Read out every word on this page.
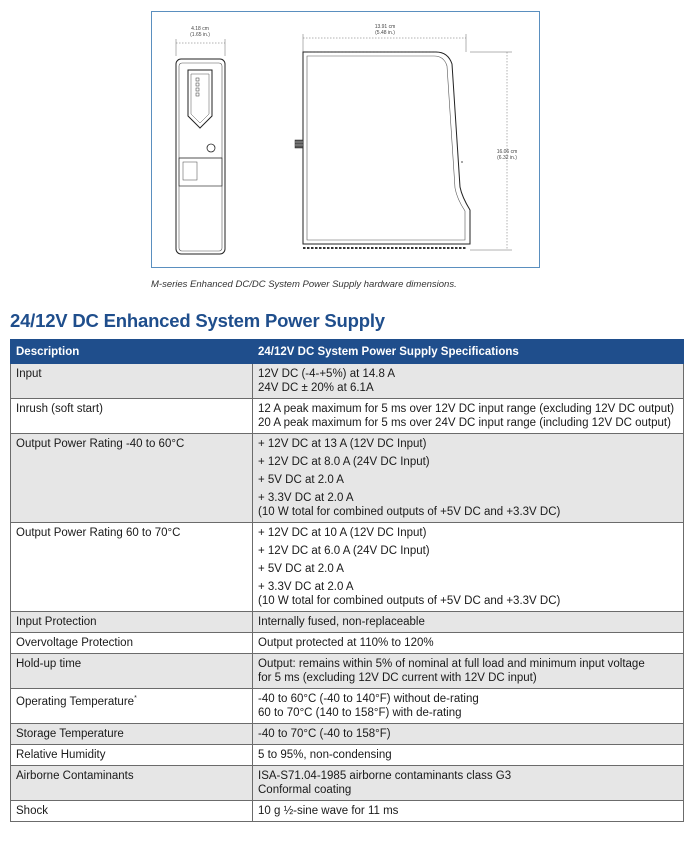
4.18 cm
(1.65 in.)
13.91 cm
(5.48 in.)
16.06 cm
(6.32 in.)
M-series Enhanced DC/DC System Power Supply hardware dimensions.
24/12V DC Enhanced System Power Supply
Description	24/12V DC System Power Supply Specifications
Input	12V DC (-4-+5%) at 14.8 A
24V DC ± 20% at 6.1A

Inrush (soft start)	12 A peak maximum for 5 ms over 12V DC input range (excluding 12V DC output)
20 A peak maximum for 5 ms over 24V DC input range (including 12V DC output)

Output Power Rating -40 to 60°C	+ 12V DC at 13 A (12V DC Input)
+ 12V DC at 8.0 A (24V DC Input)
+ 5V DC at 2.0 A
+ 3.3V DC at 2.0 A
(10 W total for combined outputs of +5V DC and +3.3V DC)

Output Power Rating 60 to 70°C	+ 12V DC at 10 A (12V DC Input)
+ 12V DC at 6.0 A (24V DC Input)
+ 5V DC at 2.0 A
+ 3.3V DC at 2.0 A
(10 W total for combined outputs of +5V DC and +3.3V DC)

Input Protection	Internally fused, non-replaceable

Overvoltage Protection	Output protected at 110% to 120%

Hold-up time	Output: remains within 5% of nominal at full load and minimum input voltage
for 5 ms (excluding 12V DC current with 12V DC input)

Operating Temperature*	-40 to 60°C (-40 to 140°F) without de-rating
60 to 70°C (140 to 158°F) with de-rating

Storage Temperature	-40 to 70°C (-40 to 158°F)

Relative Humidity	5 to 95%, non-condensing

Airborne Contaminants	ISA-S71.04-1985 airborne contaminants class G3
Conformal coating

Shock	10 g ½-sine wave for 11 ms
